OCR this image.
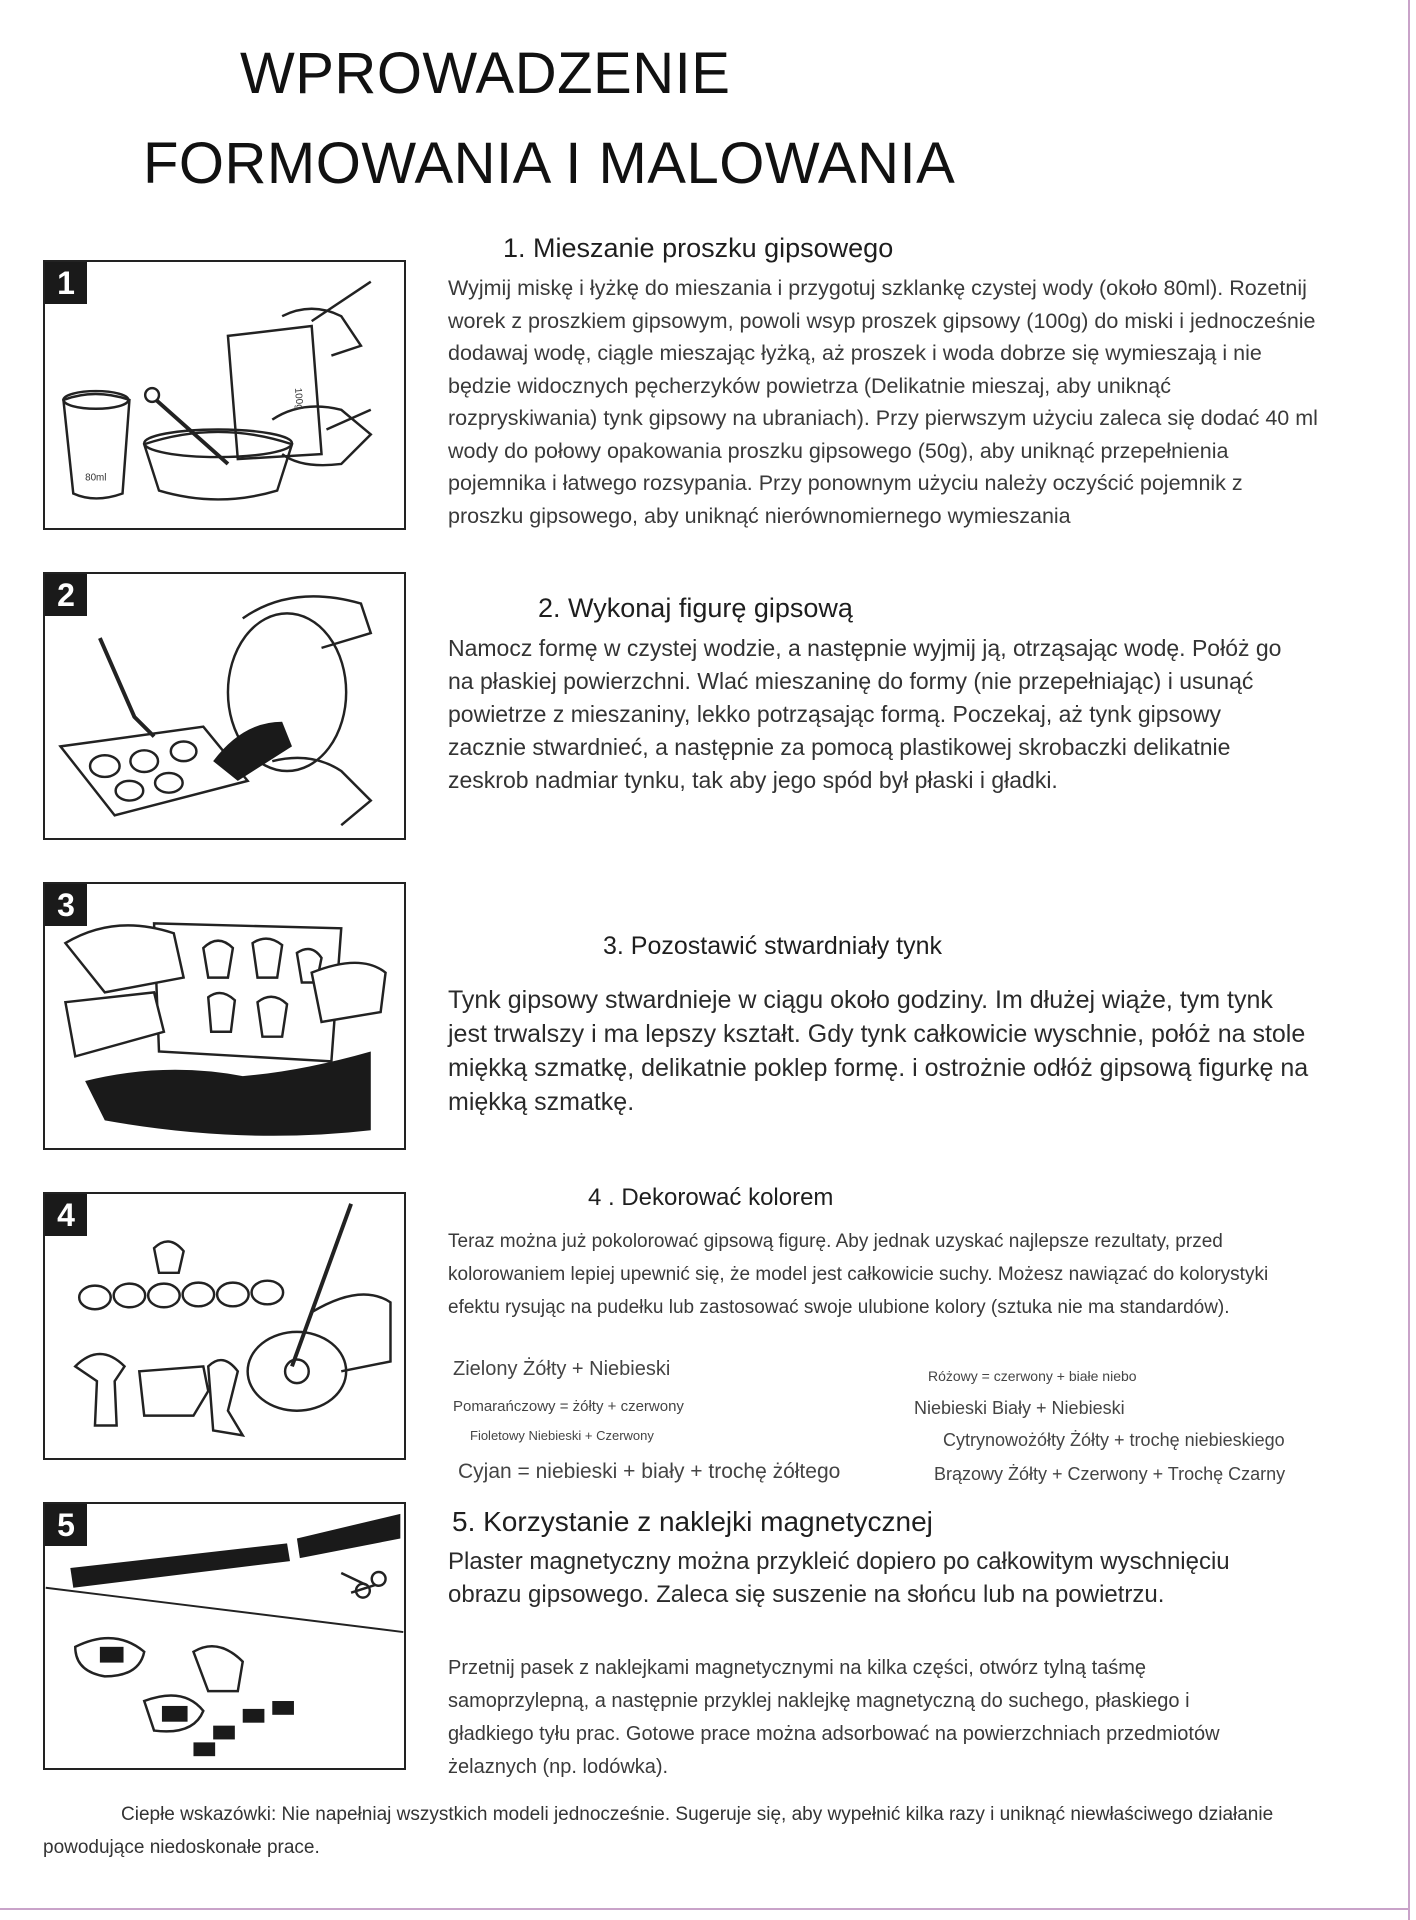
WPROWADZENIE
FORMOWANIA I MALOWANIA
1
80ml
100g
2
3
4
5
1. Mieszanie proszku gipsowego
Wyjmij miskę i łyżkę do mieszania i przygotuj szklankę czystej wody (około 80ml). Rozetnij worek z proszkiem gipsowym, powoli wsyp proszek gipsowy (100g) do miski i jednocześnie dodawaj wodę, ciągle mieszając łyżką, aż proszek i woda dobrze się wymieszają i nie będzie widocznych pęcherzyków powietrza (Delikatnie mieszaj, aby uniknąć rozpryskiwania) tynk gipsowy na ubraniach). Przy pierwszym użyciu zaleca się dodać 40 ml wody do połowy opakowania proszku gipsowego (50g), aby uniknąć przepełnienia pojemnika i łatwego rozsypania. Przy ponownym użyciu należy oczyścić pojemnik z proszku gipsowego, aby uniknąć nierównomiernego wymieszania
2. Wykonaj figurę gipsową
Namocz formę w czystej wodzie, a następnie wyjmij ją, otrząsając wodę. Połóż go na płaskiej powierzchni. Wlać mieszaninę do formy (nie przepełniając) i usunąć powietrze z mieszaniny, lekko potrząsając formą. Poczekaj, aż tynk gipsowy zacznie stwardnieć, a następnie za pomocą plastikowej skrobaczki delikatnie zeskrob nadmiar tynku, tak aby jego spód był płaski i gładki.
3. Pozostawić stwardniały tynk
Tynk gipsowy stwardnieje w ciągu około godziny. Im dłużej wiąże, tym tynk jest trwalszy i ma lepszy kształt. Gdy tynk całkowicie wyschnie, połóż na stole miękką szmatkę, delikatnie poklep formę. i ostrożnie odłóż gipsową figurkę na miękką szmatkę.
4 . Dekorować kolorem
Teraz można już pokolorować gipsową figurę. Aby jednak uzyskać najlepsze rezultaty, przed kolorowaniem lepiej upewnić się, że model jest całkowicie suchy. Możesz nawiązać do kolorystyki efektu rysując na pudełku lub zastosować swoje ulubione kolory (sztuka nie ma standardów).
Zielony Żółty + Niebieski
Pomarańczowy = żółty + czerwony
Fioletowy Niebieski + Czerwony
Cyjan = niebieski + biały + trochę żółtego
Różowy = czerwony + białe niebo
Niebieski Biały + Niebieski
Cytrynowożółty Żółty + trochę niebieskiego
Brązowy Żółty + Czerwony + Trochę Czarny
5. Korzystanie z naklejki magnetycznej
Plaster magnetyczny można przykleić dopiero po całkowitym wyschnięciu obrazu gipsowego. Zaleca się suszenie na słońcu lub na powietrzu.
Przetnij pasek z naklejkami magnetycznymi na kilka części, otwórz tylną taśmę samoprzylepną, a następnie przyklej naklejkę magnetyczną do suchego, płaskiego i gładkiego tyłu prac. Gotowe prace można adsorbować na powierzchniach przedmiotów żelaznych (np. lodówka).
Ciepłe wskazówki: Nie napełniaj wszystkich modeli jednocześnie. Sugeruje się, aby wypełnić kilka razy i uniknąć niewłaściwego działanie powodujące niedoskonałe prace.
